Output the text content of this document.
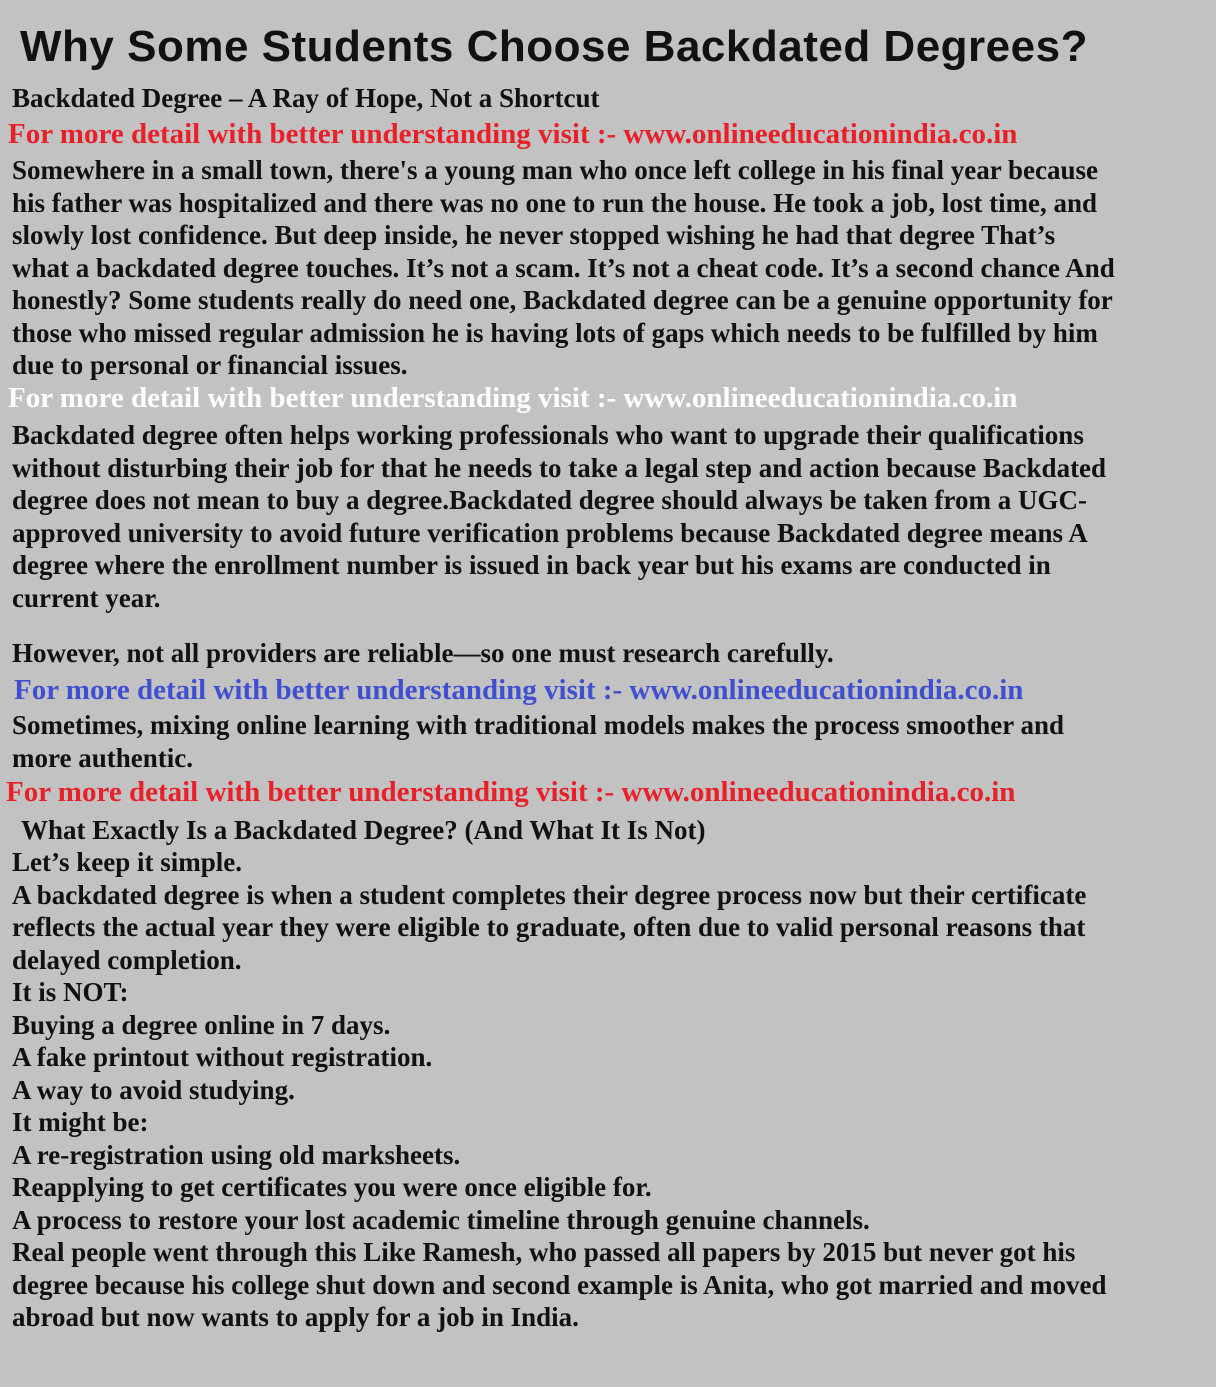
Why Some Students Choose Backdated Degrees?

Backdated Degree – A Ray of Hope, Not a Shortcut

For more detail with better understanding visit :- www.onlineeducationindia.co.in

Somewhere in a small town, there's a young man who once left college in his final year because
his father was hospitalized and there was no one to run the house. He took a job, lost time, and
slowly lost confidence. But deep inside, he never stopped wishing he had that degree That’s
what a backdated degree touches. It’s not a scam. It’s not a cheat code. It’s a second chance And
honestly? Some students really do need one, Backdated degree can be a genuine opportunity for
those who missed regular admission he is having lots of gaps which needs to be fulfilled by him
due to personal or financial issues.

For more detail with better understanding visit :- www.onlineeducationindia.co.in

Backdated degree often helps working professionals who want to upgrade their qualifications
without disturbing their job for that he needs to take a legal step and action because Backdated
degree does not mean to buy a degree.Backdated degree should always be taken from a UGC-
approved university to avoid future verification problems because Backdated degree means A
degree where the enrollment number is issued in back year but his exams are conducted in
current year.

However, not all providers are reliable—so one must research carefully.

For more detail with better understanding visit :- www.onlineeducationindia.co.in

Sometimes, mixing online learning with traditional models makes the process smoother and
more authentic.

For more detail with better understanding visit :- www.onlineeducationindia.co.in

What Exactly Is a Backdated Degree? (And What It Is Not)

Let’s keep it simple.
A backdated degree is when a student completes their degree process now but their certificate
reflects the actual year they were eligible to graduate, often due to valid personal reasons that
delayed completion.
It is NOT:
Buying a degree online in 7 days.
A fake printout without registration.
A way to avoid studying.
It might be:
A re-registration using old marksheets.
Reapplying to get certificates you were once eligible for.
A process to restore your lost academic timeline through genuine channels.
Real people went through this Like Ramesh, who passed all papers by 2015 but never got his
degree because his college shut down and second example is Anita, who got married and moved
abroad but now wants to apply for a job in India.
